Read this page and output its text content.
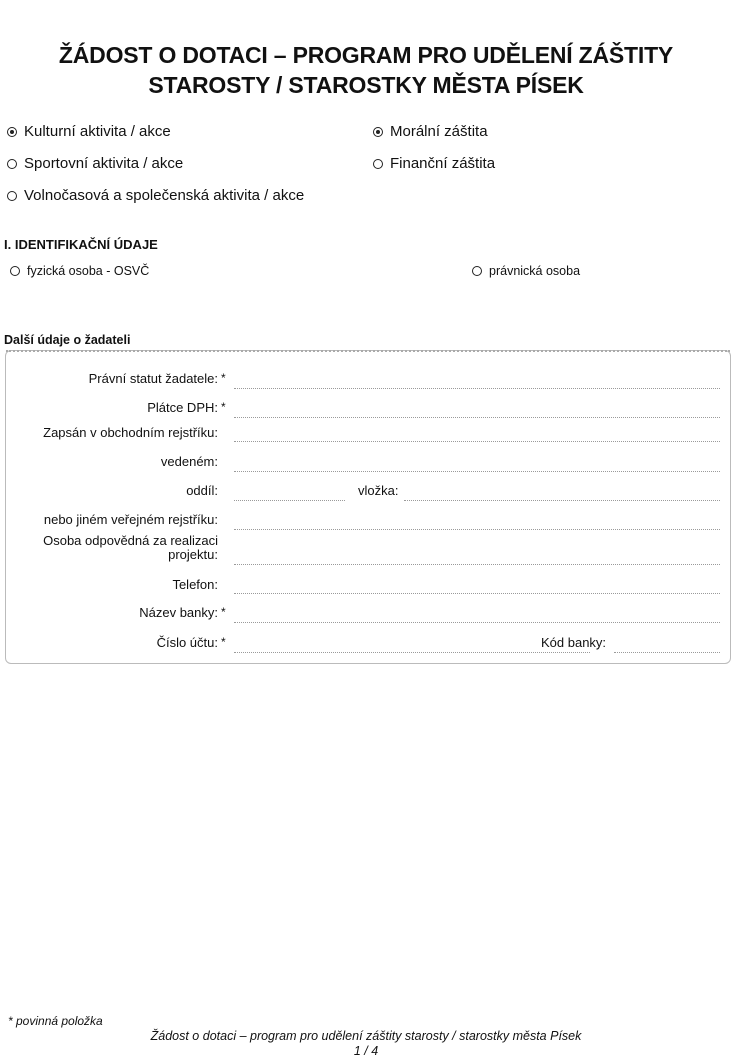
ŽÁDOST O DOTACI – PROGRAM PRO UDĚLENÍ ZÁŠTITY
STAROSTY / STAROSTKY MĚSTA PÍSEK
Kulturní aktivita / akce
Sportovní aktivita / akce
Volnočasová a společenská aktivita / akce
Morální záštita
Finanční záštita
I. IDENTIFIKAČNÍ ÚDAJE
fyzická osoba - OSVČ	právnická osoba
Další údaje o žadateli
Právní statut žadatele:
Plátce DPH:
Zapsán v obchodním rejstříku:
vedeném:
oddíl:
nebo jiném veřejném rejstříku:
Osoba odpovědná za realizaci
projektu:
Telefon:
Název banky:
Číslo účtu:
*
*
*
*
vložka:
Kód banky:
* povinná položka
Žádost o dotaci – program pro udělení záštity starosty / starostky města Písek
1 / 4
